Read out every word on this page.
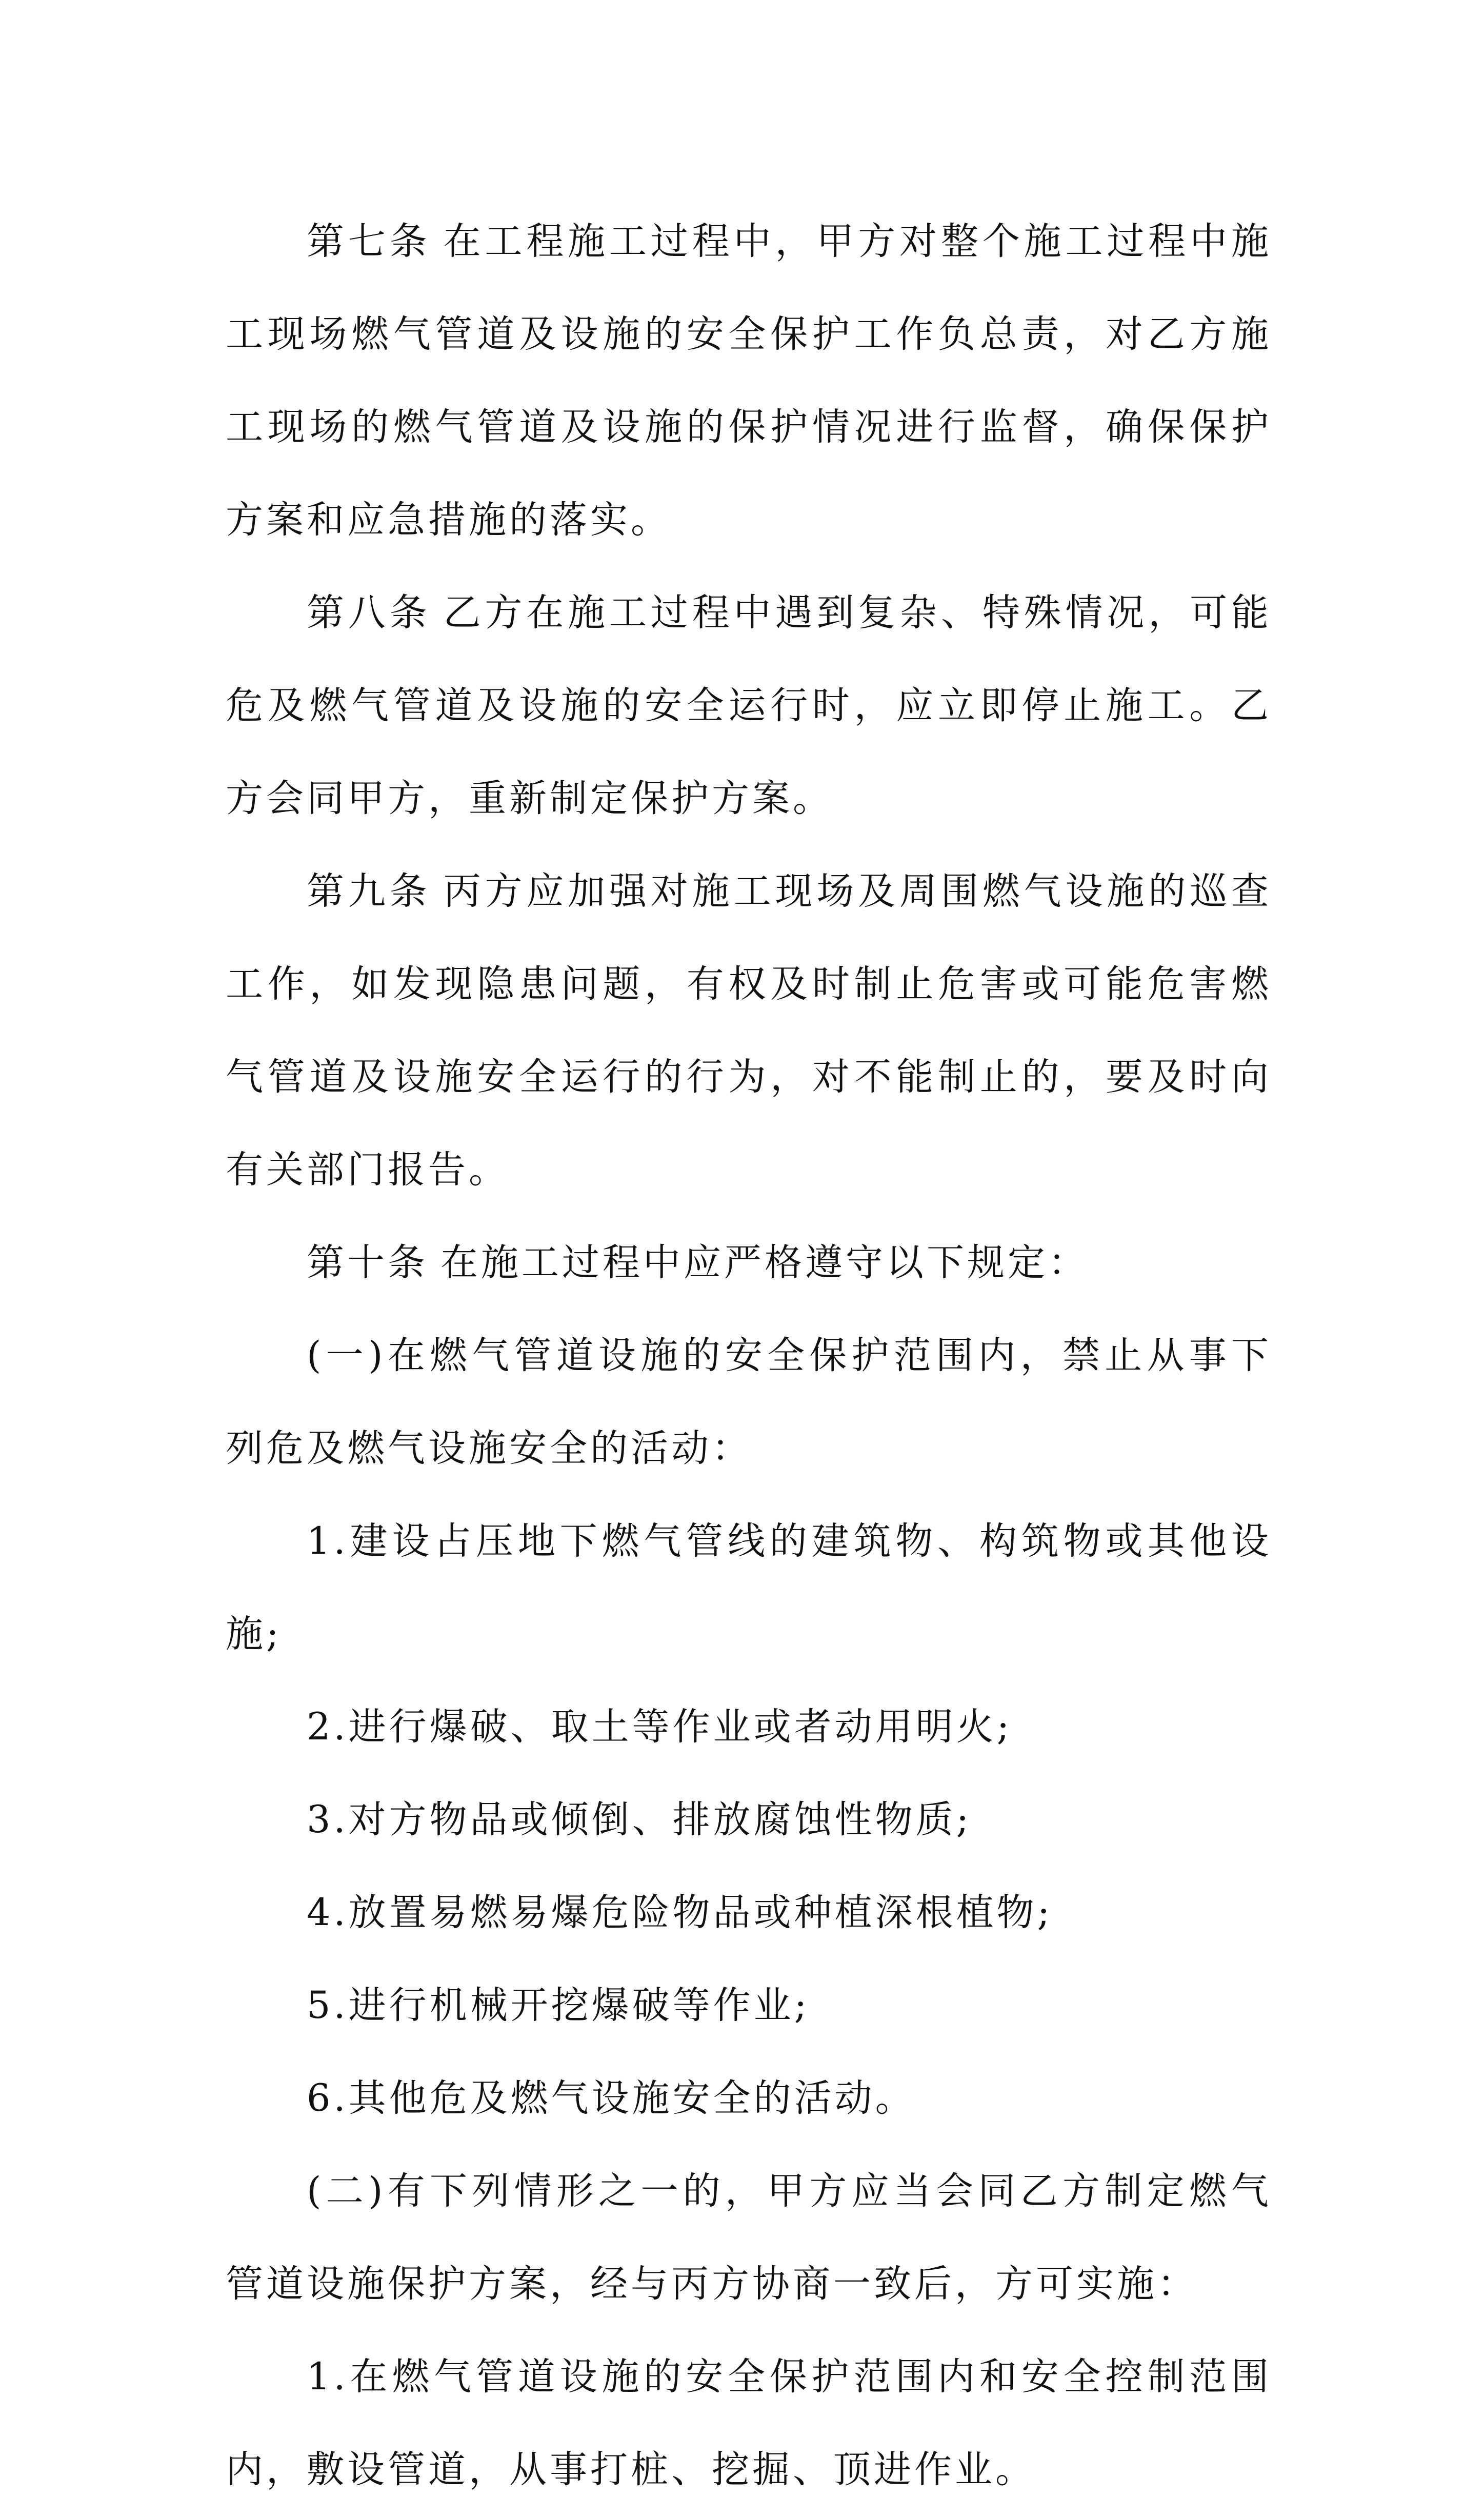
第七条 在工程施工过程中，甲方对整个施工过程中施工现场燃气管道及设施的安全保护工作负总责，对乙方施工现场的燃气管道及设施的保护情况进行监督，确保保护方案和应急措施的落实。

第八条 乙方在施工过程中遇到复杂、特殊情况，可能危及燃气管道及设施的安全运行时，应立即停止施工。乙方会同甲方，重新制定保护方案。

第九条 丙方应加强对施工现场及周围燃气设施的巡查工作，如发现隐患问题，有权及时制止危害或可能危害燃气管道及设施安全运行的行为，对不能制止的，要及时向有关部门报告。

第十条 在施工过程中应严格遵守以下规定：

(一)在燃气管道设施的安全保护范围内，禁止从事下列危及燃气设施安全的活动：

1.建设占压地下燃气管线的建筑物、构筑物或其他设施;

2.进行爆破、取土等作业或者动用明火;

3.对方物品或倾倒、排放腐蚀性物质;

4.放置易燃易爆危险物品或种植深根植物;

5.进行机械开挖爆破等作业;

6.其他危及燃气设施安全的活动。

(二)有下列情形之一的，甲方应当会同乙方制定燃气管道设施保护方案，经与丙方协商一致后，方可实施：

1.在燃气管道设施的安全保护范围内和安全控制范围内，敷设管道，从事打桩、挖掘、顶进作业。
